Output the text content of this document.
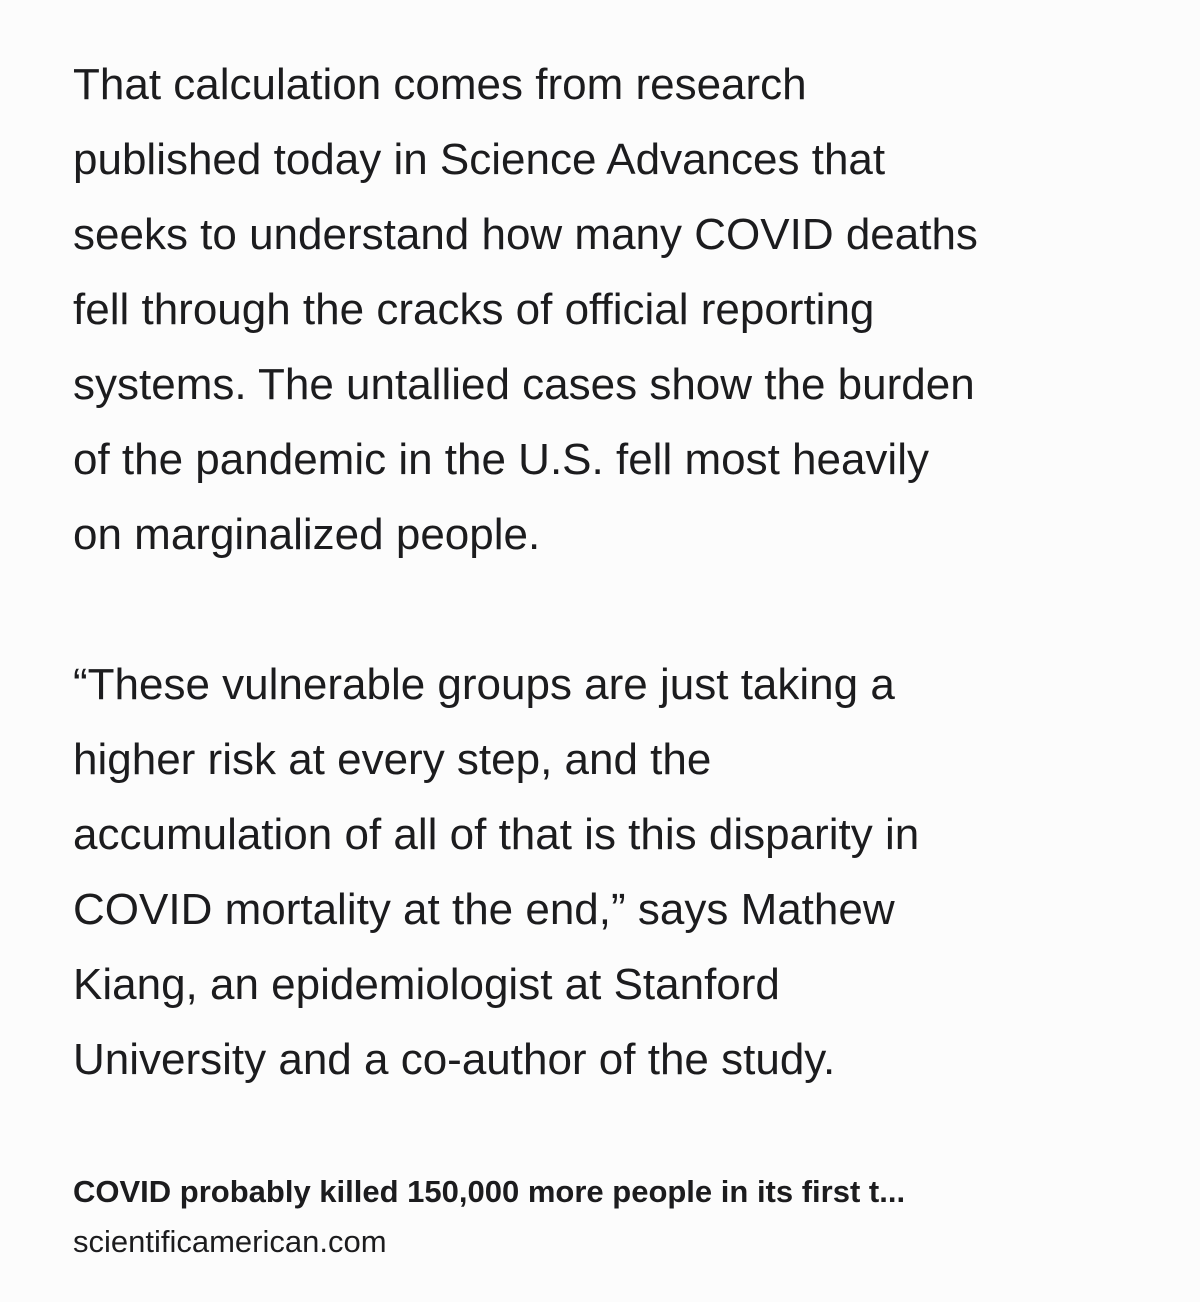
That calculation comes from research
published today in Science Advances that
seeks to understand how many COVID deaths
fell through the cracks of official reporting
systems. The untallied cases show the burden
of the pandemic in the U.S. fell most heavily
on marginalized people.

“These vulnerable groups are just taking a
higher risk at every step, and the
accumulation of all of that is this disparity in
COVID mortality at the end,” says Mathew
Kiang, an epidemiologist at Stanford
University and a co-author of the study.

COVID probably killed 150,000 more people in its first t...
scientificamerican.com
